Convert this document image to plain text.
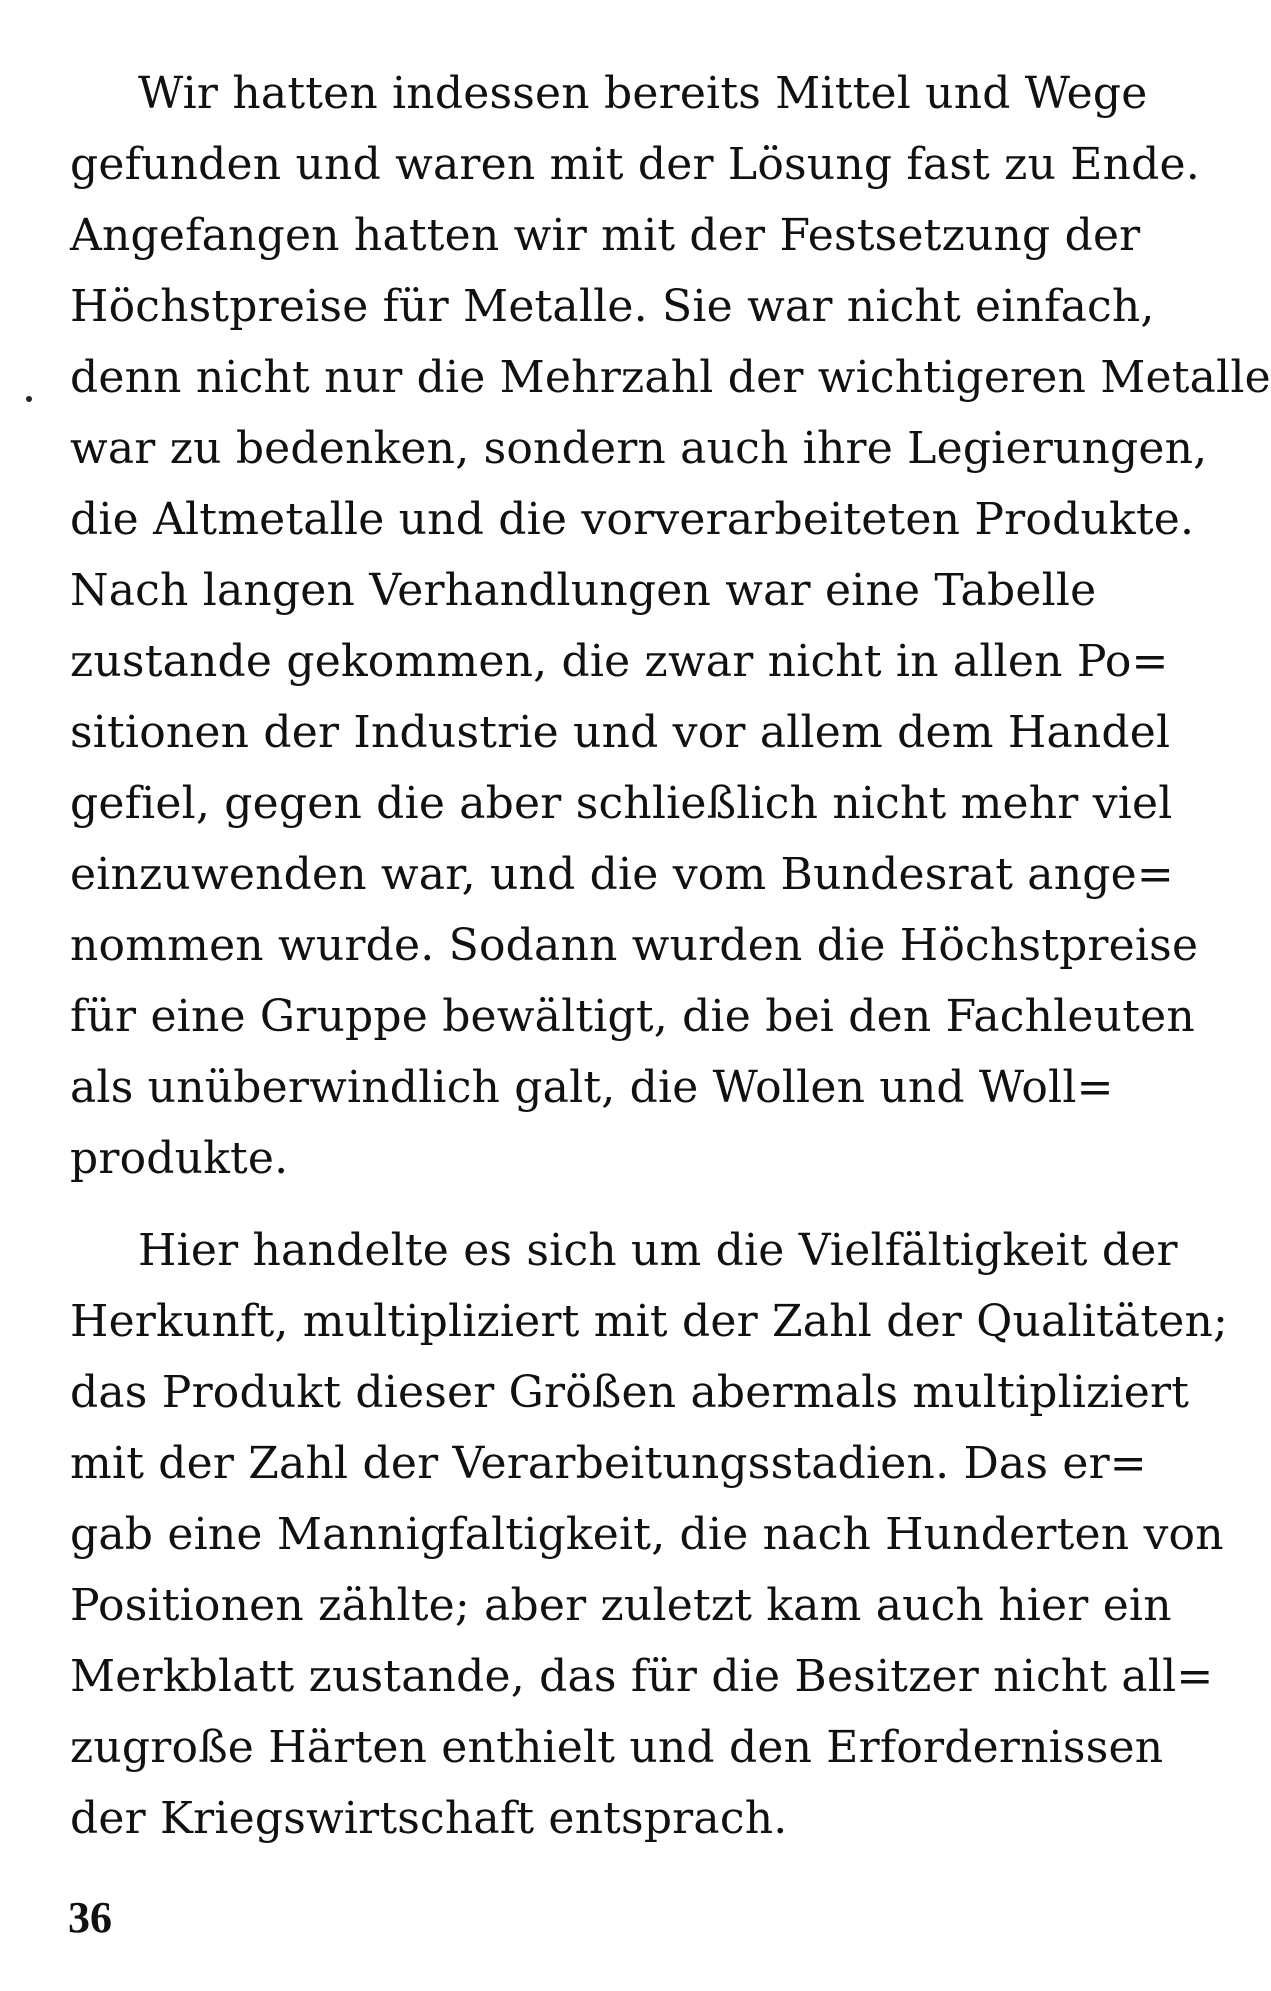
Wir hatten indessen bereits Mittel und Wege
gefunden und waren mit der Lösung fast zu Ende.
Angefangen hatten wir mit der Festsetzung der
Höchstpreise für Metalle. Sie war nicht einfach,
denn nicht nur die Mehrzahl der wichtigeren Metalle
war zu bedenken, sondern auch ihre Legierungen,
die Altmetalle und die vorverarbeiteten Produkte.
Nach langen Verhandlungen war eine Tabelle
zustande gekommen, die zwar nicht in allen Po=
sitionen der Industrie und vor allem dem Handel
gefiel, gegen die aber schließlich nicht mehr viel
einzuwenden war, und die vom Bundesrat ange=
nommen wurde. Sodann wurden die Höchstpreise
für eine Gruppe bewältigt, die bei den Fachleuten
als unüberwindlich galt, die Wollen und Woll=
produkte.
Hier handelte es sich um die Vielfältigkeit der
Herkunft, multipliziert mit der Zahl der Qualitäten;
das Produkt dieser Größen abermals multipliziert
mit der Zahl der Verarbeitungsstadien. Das er=
gab eine Mannigfaltigkeit, die nach Hunderten von
Positionen zählte; aber zuletzt kam auch hier ein
Merkblatt zustande, das für die Besitzer nicht all=
zugroße Härten enthielt und den Erfordernissen
der Kriegswirtschaft entsprach.
36
